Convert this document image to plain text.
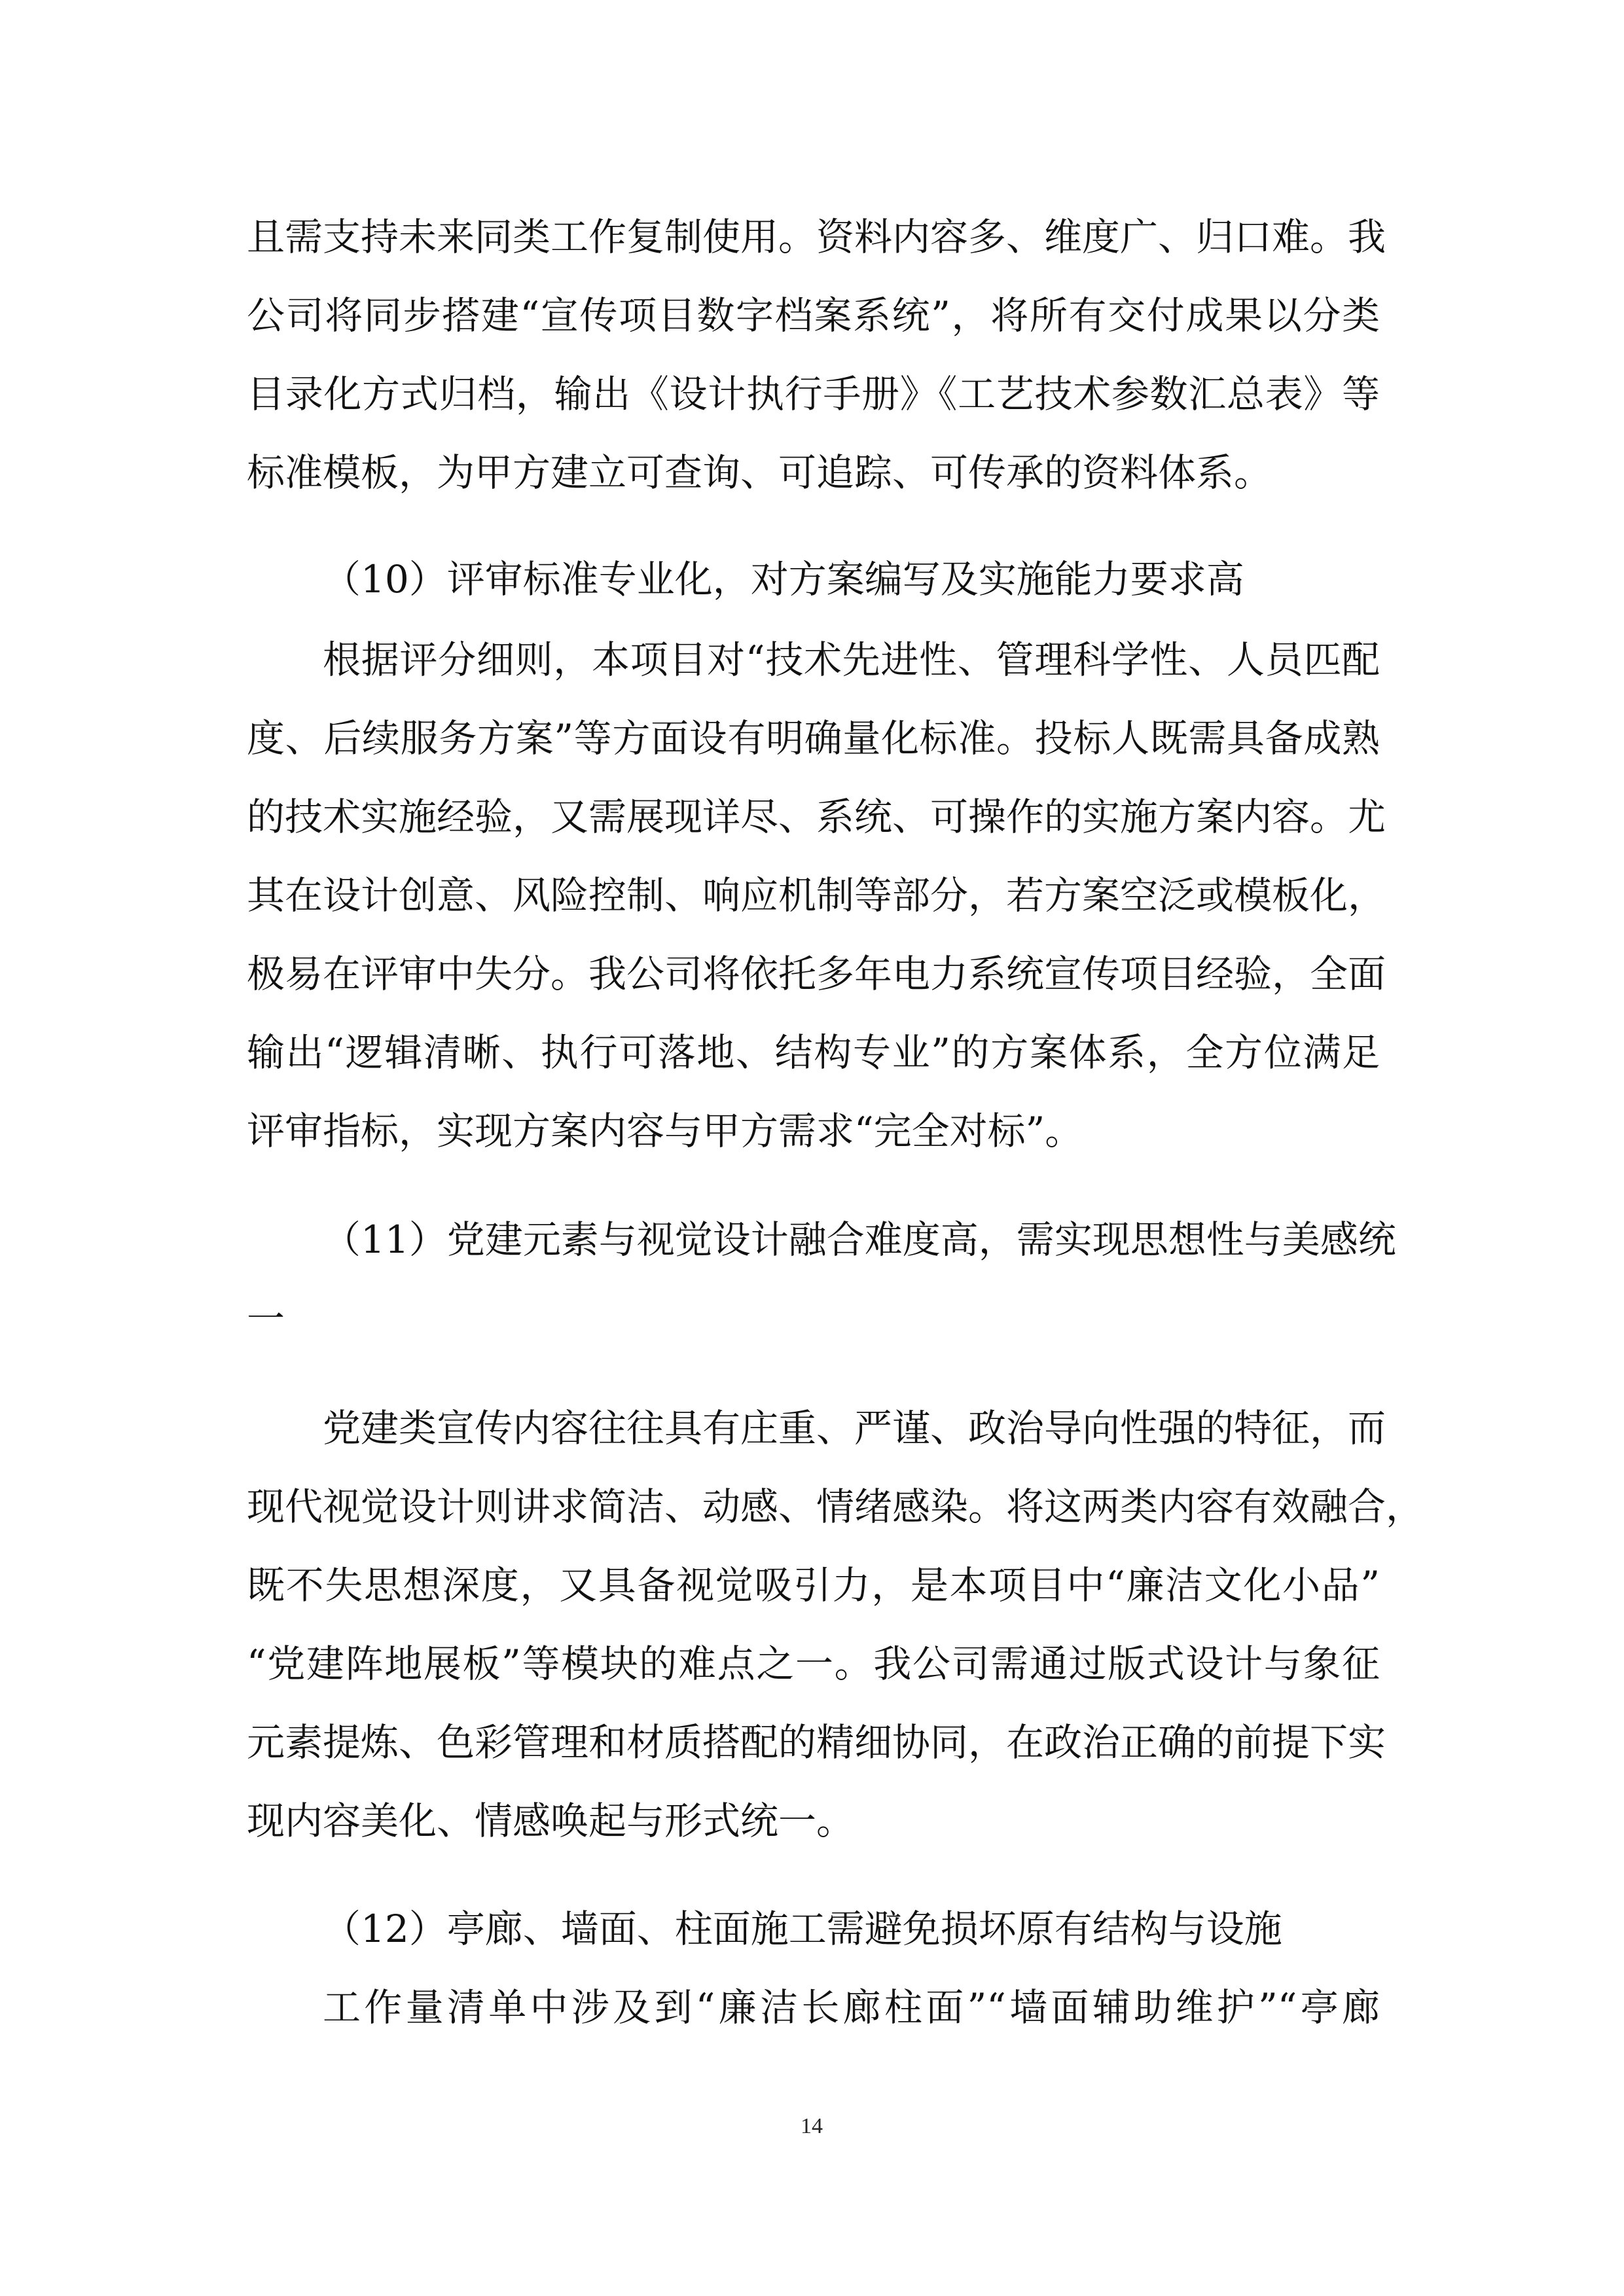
且需支持未来同类工作复制使用。资料内容多、维度广、归口难。我
公司将同步搭建“宣传项目数字档案系统”，将所有交付成果以分类
目录化方式归档，输出《设计执行手册》《工艺技术参数汇总表》等
标准模板，为甲方建立可查询、可追踪、可传承的资料体系。
（10）评审标准专业化，对方案编写及实施能力要求高
根据评分细则，本项目对“技术先进性、管理科学性、人员匹配
度、后续服务方案”等方面设有明确量化标准。投标人既需具备成熟
的技术实施经验，又需展现详尽、系统、可操作的实施方案内容。尤
其在设计创意、风险控制、响应机制等部分，若方案空泛或模板化，
极易在评审中失分。我公司将依托多年电力系统宣传项目经验，全面
输出“逻辑清晰、执行可落地、结构专业”的方案体系，全方位满足
评审指标，实现方案内容与甲方需求“完全对标”。
（11）党建元素与视觉设计融合难度高，需实现思想性与美感统
一
党建类宣传内容往往具有庄重、严谨、政治导向性强的特征，而
现代视觉设计则讲求简洁、动感、情绪感染。将这两类内容有效融合，
既不失思想深度，又具备视觉吸引力，是本项目中“廉洁文化小品”
“党建阵地展板”等模块的难点之一。我公司需通过版式设计与象征
元素提炼、色彩管理和材质搭配的精细协同，在政治正确的前提下实
现内容美化、情感唤起与形式统一。
（12）亭廊、墙面、柱面施工需避免损坏原有结构与设施
工作量清单中涉及到“廉洁长廊柱面”“墙面辅助维护”“亭廊
14
